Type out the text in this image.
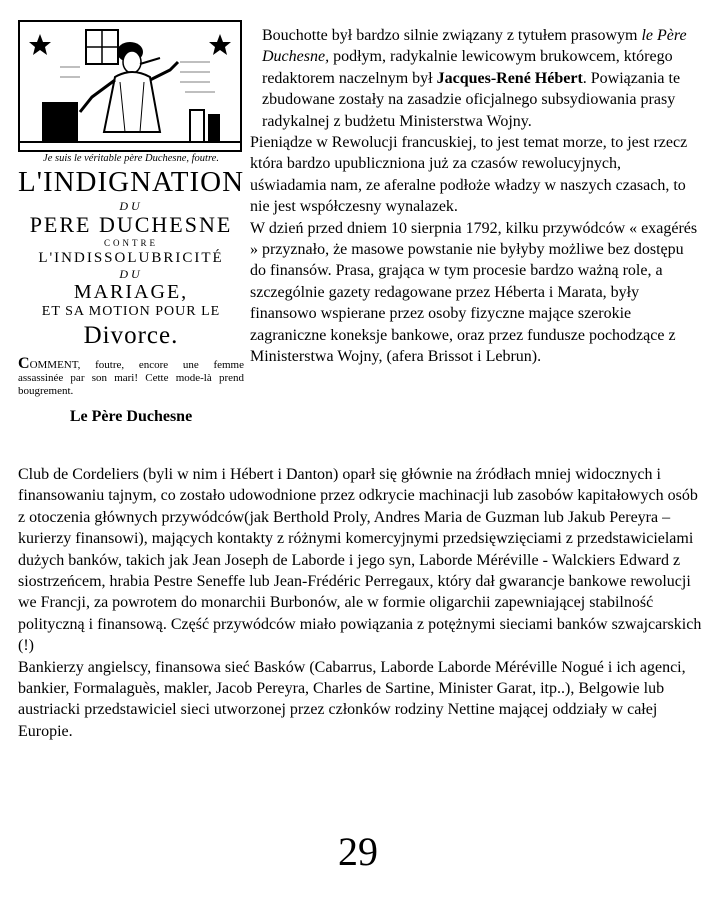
Je suis le véritable père Duchesne, foutre.
L'INDIGNATION
DU
PERE DUCHESNE
CONTRE
L'INDISSOLUBRICITÉ
DU
MARIAGE,
ET SA MOTION POUR LE
Divorce.
COMMENT, foutre, encore une femme assassinée par son mari! Cette mode-là prend bougrement.
Le Père Duchesne

Bouchotte był bardzo silnie związany z tytułem prasowym le Père Duchesne, podłym, radykalnie lewicowym brukowcem, którego redaktorem naczelnym był Jacques-René Hébert. Powiązania te zbudowane zostały na zasadzie oficjalnego subsydiowania prasy radykalnej z budżetu Ministerstwa Wojny.

Pieniądze w Rewolucji francuskiej, to jest temat morze, to jest rzecz która bardzo upubliczniona już za czasów rewolucyjnych, uświadamia nam, ze aferalne podłoże władzy w naszych czasach, to nie jest współczesny wynalazek.

W dzień przed dniem 10 sierpnia 1792, kilku przywódców « exagérés » przyznało, że masowe powstanie nie byłyby możliwe bez dostępu do finansów. Prasa, grająca w tym procesie bardzo ważną role, a szczególnie gazety redagowane przez Héberta i Marata, były finansowo wspierane przez osoby fizyczne mające szerokie zagraniczne koneksje bankowe, oraz przez fundusze pochodzące z Ministerstwa Wojny, (afera Brissot i Lebrun).

Club de Cordeliers (byli w nim i Hébert i Danton) oparł się głównie na źródłach mniej widocznych i finansowaniu tajnym, co zostało udowodnione przez odkrycie machinacji lub zasobów kapitałowych osób z otoczenia głównych przywódców(jak Berthold Proly, Andres Maria de Guzman lub Jakub Pereyra – kurierzy finansowi), mających kontakty z różnymi komercyjnymi przedsięwzięciami z przedstawicielami dużych banków, takich jak Jean Joseph de Laborde i jego syn, Laborde Méréville - Walckiers Edward z siostrzeńcem, hrabia Pestre Seneffe lub Jean-Frédéric Perregaux, który dał gwarancje bankowe rewolucji we Francji, za powrotem do monarchii Burbonów, ale w formie oligarchii zapewniającej stabilność polityczną i finansową. Część przywódców miało powiązania z potężnymi sieciami banków szwajcarskich (!)

Bankierzy angielscy, finansowa sieć Basków (Cabarrus, Laborde Laborde Méréville Nogué i ich agenci, bankier, Formalaguès, makler, Jacob Pereyra, Charles de Sartine, Minister Garat, itp..), Belgowie lub austriacki przedstawiciel sieci utworzonej przez członków rodziny Nettine mającej oddziały w całej Europie.

29
